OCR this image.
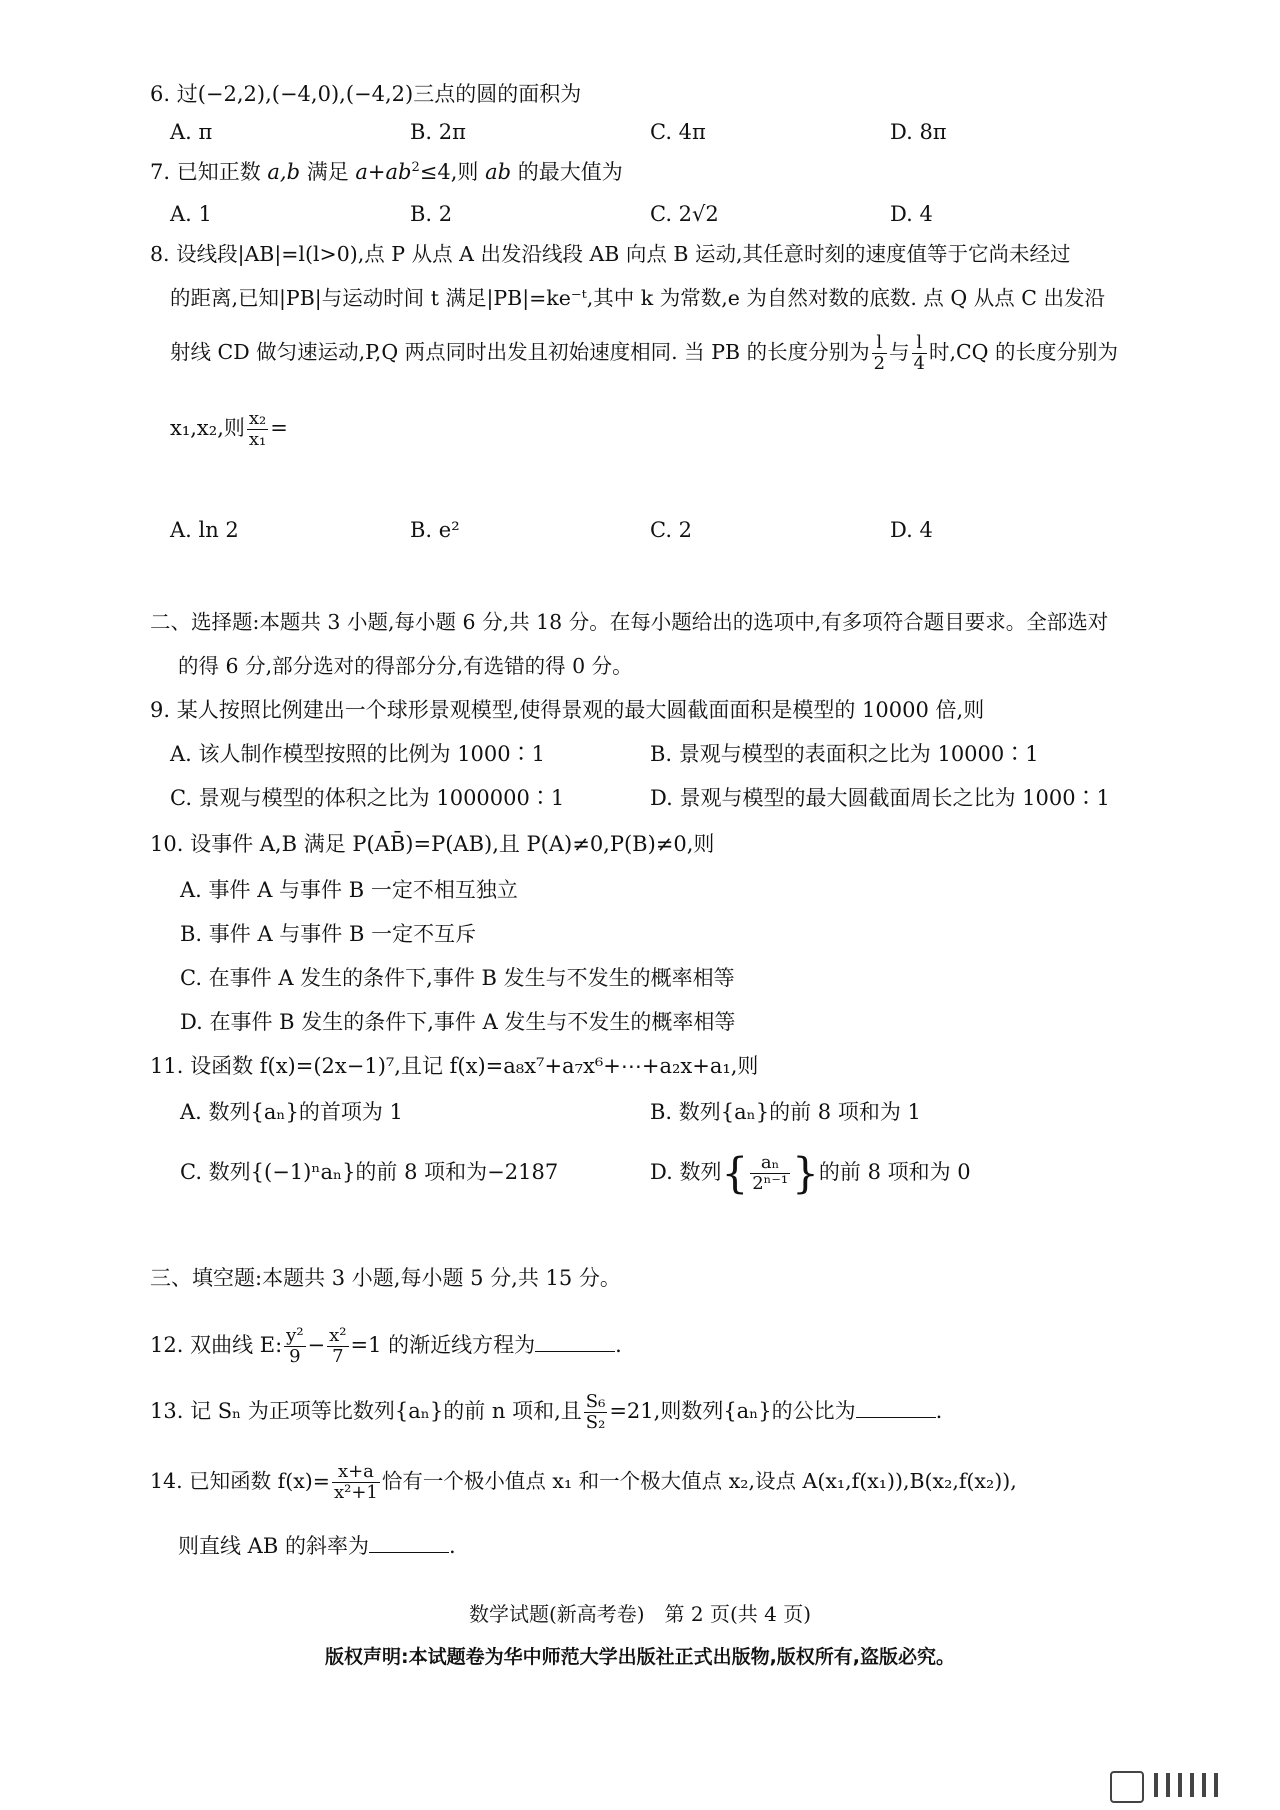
6. 过(−2,2),(−4,0),(−4,2)三点的圆的面积为
A. π	B. 2π	C. 4π	D. 8π
7. 已知正数 a,b 满足 $a+ab^2\le 4$,则 ab 的最大值为
A. 1	B. 2	C. 2√2	D. 4
8. 设线段|AB|=l(l>0),点 P 从点 A 出发沿线段 AB 向点 B 运动,其任意时刻的速度值等于它尚未经过
的距离,已知|PB|与运动时间 t 满足|PB|=ke⁻ᵗ,其中 k 为常数,e 为自然对数的底数. 点 Q 从点 C 出发沿
射线 CD 做匀速运动,P,Q 两点同时出发且初始速度相同. 当 PB 的长度分别为 $\frac{l}{2}$ 与 $\frac{l}{4}$ 时,CQ 的长度分别为
x₁,x₂,则 $\frac{\text{x₂}}{\text{x₁}}$ =
A. ln 2	B. e²	C. 2	D. 4
二、选择题:本题共 3 小题,每小题 6 分,共 18 分。在每小题给出的选项中,有多项符合题目要求。全部选对
的得 6 分,部分选对的得部分分,有选错的得 0 分。
9. 某人按照比例建出一个球形景观模型,使得景观的最大圆截面面积是模型的 10000 倍,则
A. 该人制作模型按照的比例为 1000∶1	B. 景观与模型的表面积之比为 10000∶1
C. 景观与模型的体积之比为 1000000∶1	D. 景观与模型的最大圆截面周长之比为 1000∶1
10. 设事件 A,B 满足 P(AB̄)=P(AB),且 P(A)≠0,P(B)≠0,则
A. 事件 A 与事件 B 一定不相互独立
B. 事件 A 与事件 B 一定不互斥
C. 在事件 A 发生的条件下,事件 B 发生与不发生的概率相等
D. 在事件 B 发生的条件下,事件 A 发生与不发生的概率相等
11. 设函数 f(x)=(2x−1)⁷,且记 f(x)=a₈x⁷+a₇x⁶+⋯+a₂x+a₁,则
A. 数列{aₙ}的首项为 1	B. 数列{aₙ}的前 8 项和为 1
C. 数列{(−1)ⁿaₙ}的前 8 项和为−2187	D. 数列{ $\frac{\text{aₙ}}{\text{2ⁿ⁻¹}}$ }的前 8 项和为 0
三、填空题:本题共 3 小题,每小题 5 分,共 15 分。
12. 双曲线 E: $\frac{\text{y²}}{9} - \frac{\text{x²}}{7} =1$ 的渐近线方程为	.
13. 记 Sₙ 为正项等比数列{aₙ}的前 n 项和,且 $\frac{\text{S₆}}{\text{S₂}} =21$,则数列{aₙ}的公比为	.
14. 已知函数 $f(x)= \frac{x+a}{\text{x²+1}}$ 恰有一个极小值点 x₁ 和一个极大值点 x₂,设点 A(x₁,f(x₁)),B(x₂,f(x₂)),
则直线 AB 的斜率为	.
数学试题(新高考卷)　第 2 页(共 4 页)
版权声明:本试题卷为华中师范大学出版社正式出版物,版权所有,盗版必究。
